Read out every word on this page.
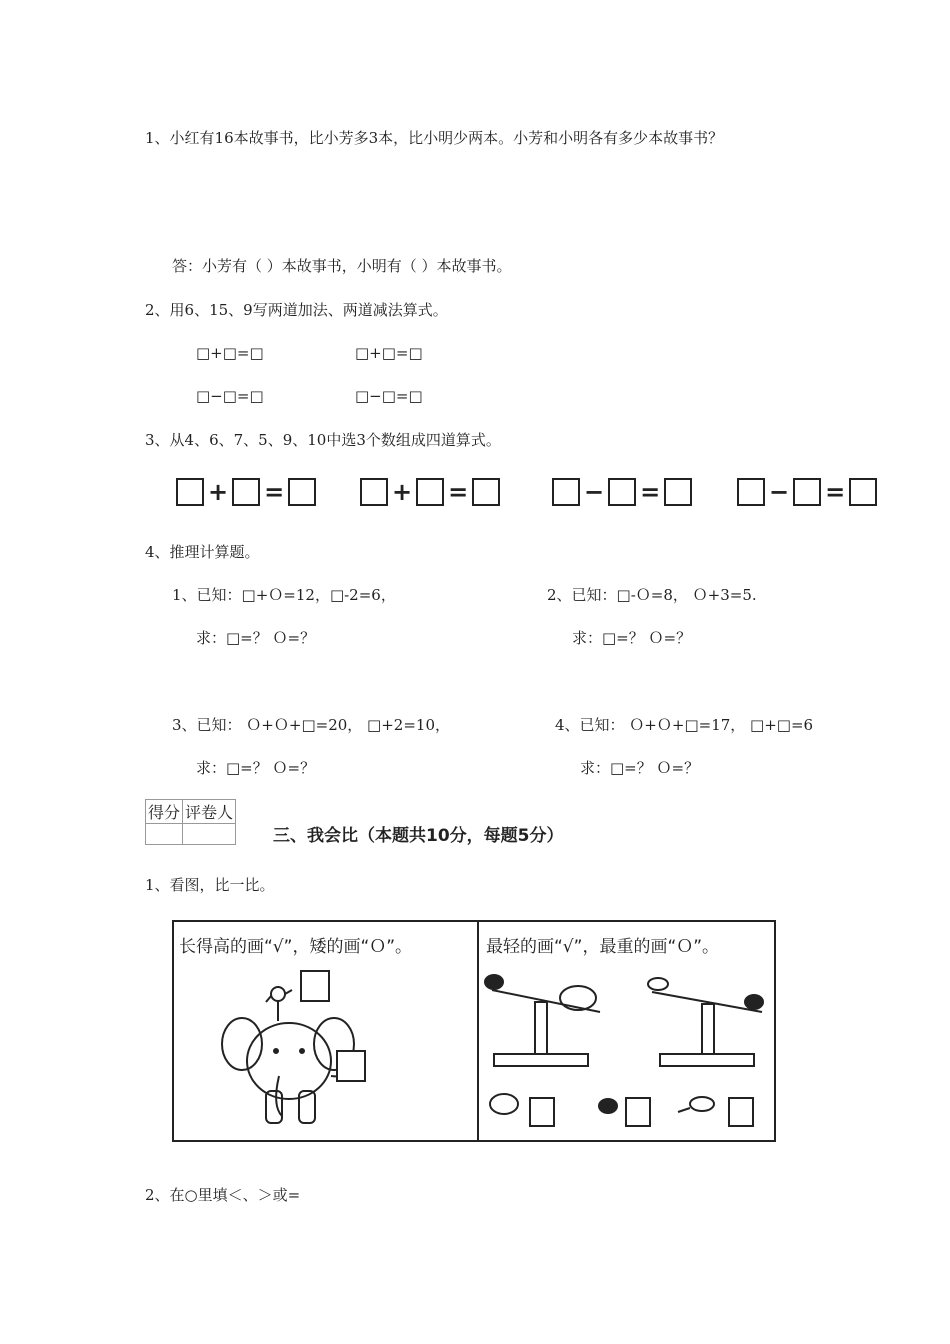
1、小红有16本故事书，比小芳多3本，比小明少两本。小芳和小明各有多少本故事书？
答：小芳有（ ）本故事书，小明有（ ）本故事书。
2、用6、15、9写两道加法、两道减法算式。
□+□=□	□+□=□
□−□=□	□−□=□
3、从4、6、7、5、9、10中选3个数组成四道算式。
+ =	+ =	− =	− =
4、推理计算题。
1、已知：□+Ｏ=12，□-2=6，	2、已知：□-Ｏ=8， Ｏ+3=5.
求：□=？ Ｏ=？	求：□=？ Ｏ=？
3、已知： Ｏ+Ｏ+□=20， □+2=10，	4、已知： Ｏ+Ｏ+□=17， □+□=6
求：□=？ Ｏ=？	求：□=？ Ｏ=？
得分	评卷人

三、我会比（本题共10分，每题5分）
1、看图，比一比。
长得高的画“√”，矮的画“Ｏ”。	最轻的画“√”，最重的画“Ｏ”。
2、在○里填＜、＞或=
